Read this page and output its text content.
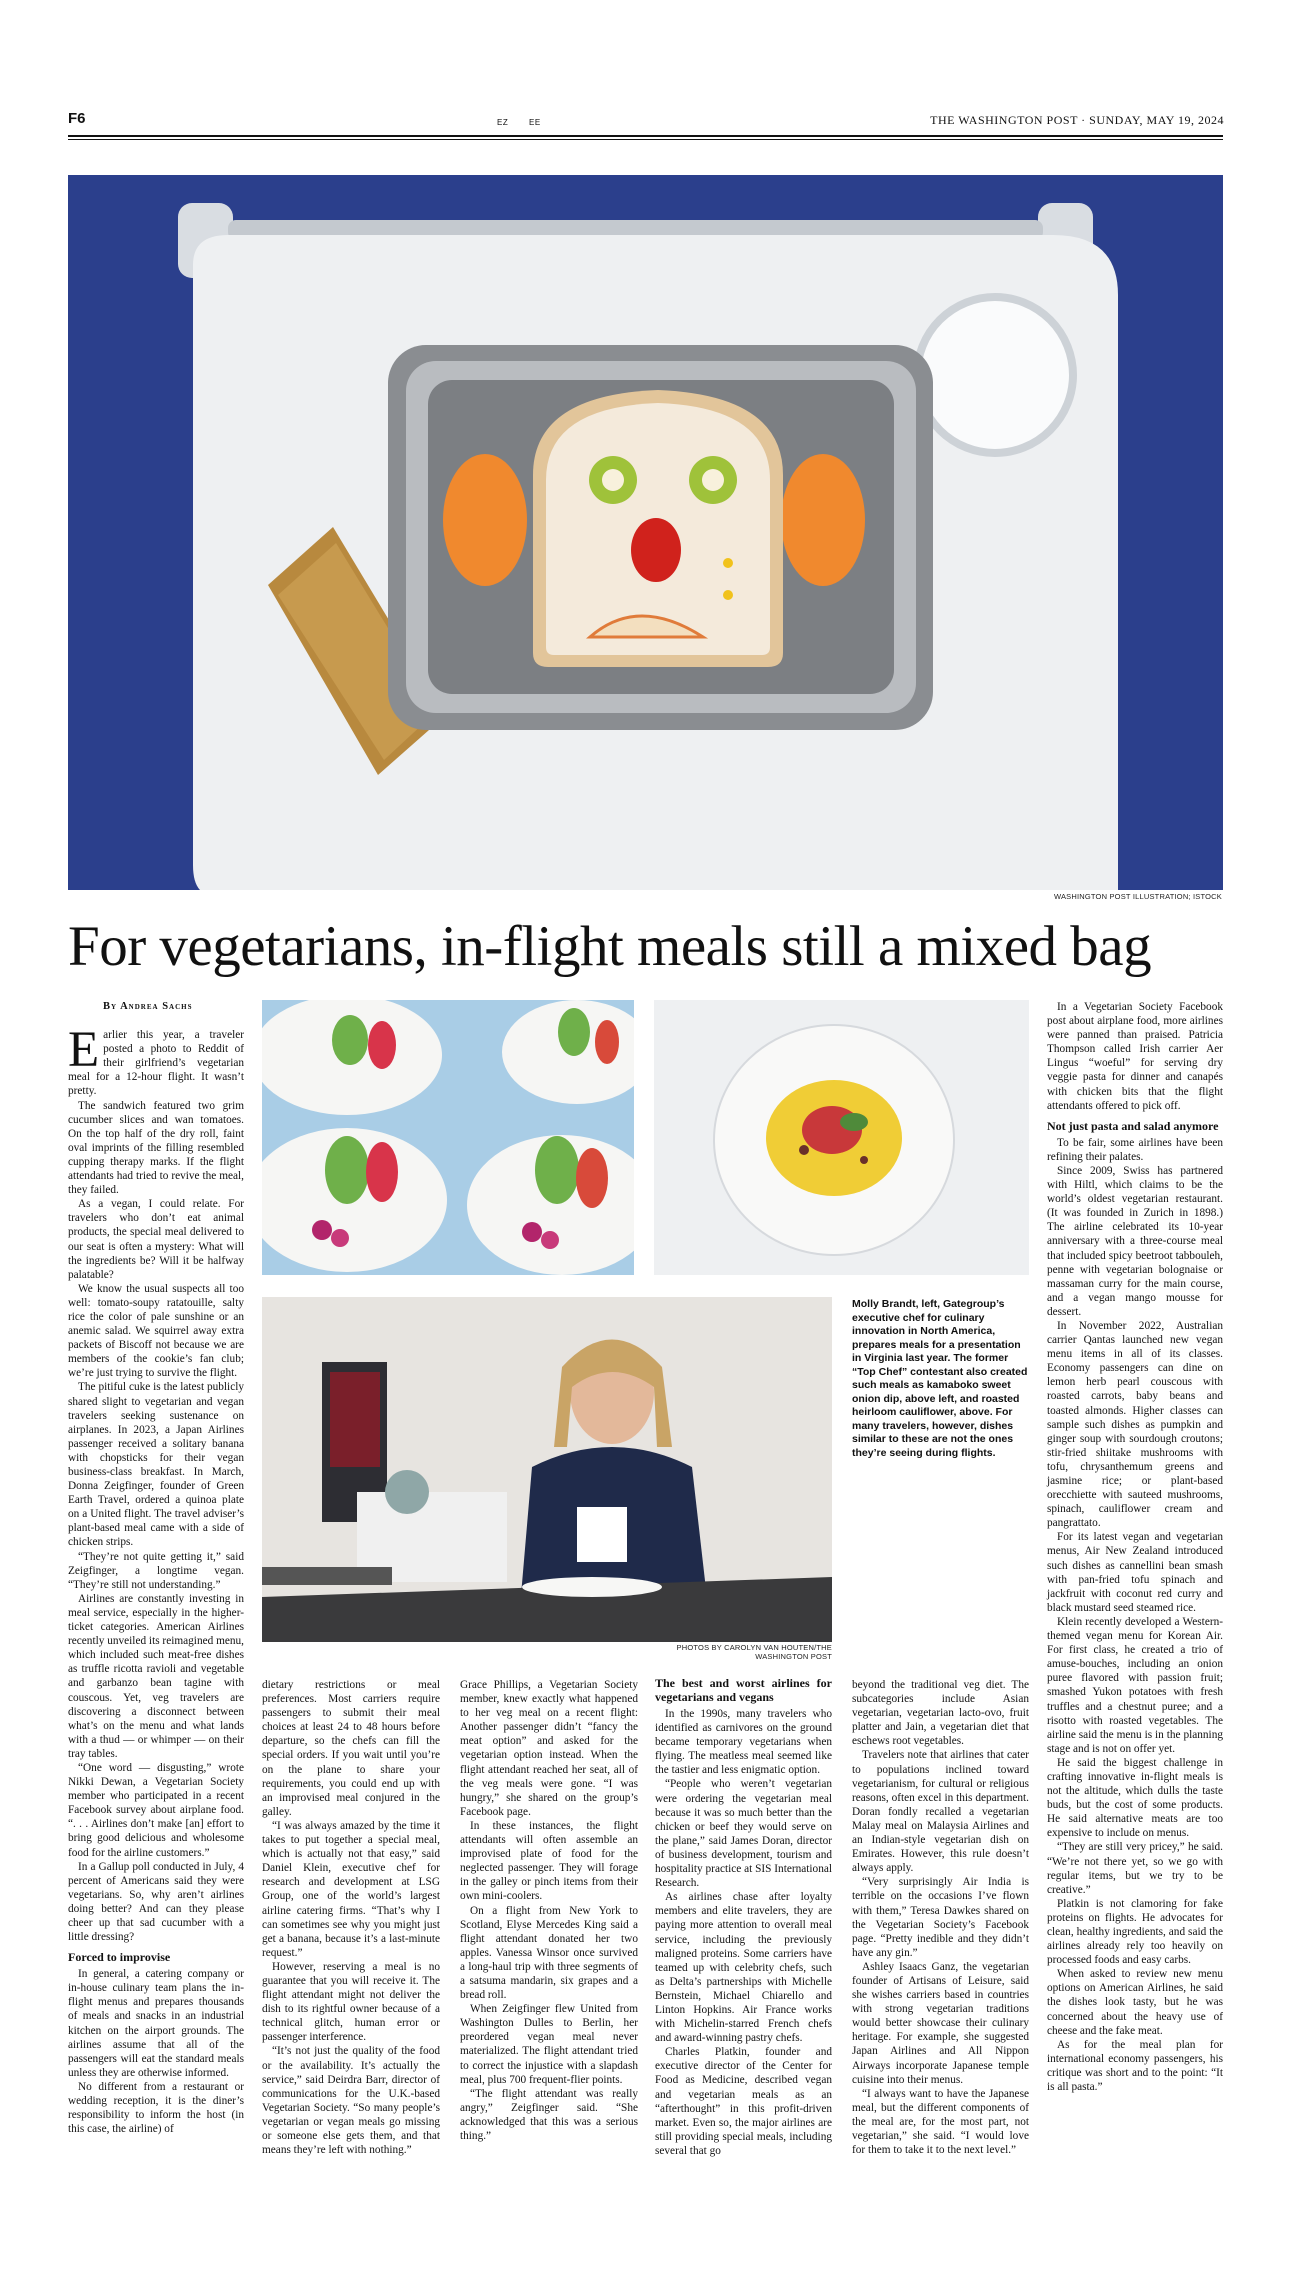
F6	EZ	EE	THE WASHINGTON POST · SUNDAY, MAY 19, 2024
WASHINGTON POST ILLUSTRATION; ISTOCK
For vegetarians, in-flight meals still a mixed bag
By Andrea Sachs

Earlier this year, a traveler posted a photo to Reddit of their girlfriend’s vegetarian meal for a 12-hour flight. It wasn’t pretty.

The sandwich featured two grim cucumber slices and wan tomatoes. On the top half of the dry roll, faint oval imprints of the filling resembled cupping therapy marks. If the flight attendants had tried to revive the meal, they failed.

As a vegan, I could relate. For travelers who don’t eat animal products, the special meal delivered to our seat is often a mystery: What will the ingredients be? Will it be halfway palatable?

We know the usual suspects all too well: tomato-soupy ratatouille, salty rice the color of pale sunshine or an anemic salad. We squirrel away extra packets of Biscoff not because we are members of the cookie’s fan club; we’re just trying to survive the flight.

The pitiful cuke is the latest publicly shared slight to vegetarian and vegan travelers seeking sustenance on airplanes. In 2023, a Japan Airlines passenger received a solitary banana with chopsticks for their vegan business-class breakfast. In March, Donna Zeigfinger, founder of Green Earth Travel, ordered a quinoa plate on a United flight. The travel adviser’s plant-based meal came with a side of chicken strips.

“They’re not quite getting it,” said Zeigfinger, a longtime vegan. “They’re still not understanding.”

Airlines are constantly investing in meal service, especially in the higher-ticket categories. American Airlines recently unveiled its reimagined menu, which included such meat-free dishes as truffle ricotta ravioli and vegetable and garbanzo bean tagine with couscous. Yet, veg travelers are discovering a disconnect between what’s on the menu and what lands with a thud — or whimper — on their tray tables.

“One word — disgusting,” wrote Nikki Dewan, a Vegetarian Society member who participated in a recent Facebook survey about airplane food. “. . . Airlines don’t make [an] effort to bring good delicious and wholesome food for the airline customers.”

In a Gallup poll conducted in July, 4 percent of Americans said they were vegetarians. So, why aren’t airlines doing better? And can they please cheer up that sad cucumber with a little dressing?

Forced to improvise

In general, a catering company or in-house culinary team plans the in-flight menus and prepares thousands of meals and snacks in an industrial kitchen on the airport grounds. The airlines assume that all of the passengers will eat the standard meals unless they are otherwise informed.

No different from a restaurant or wedding reception, it is the diner’s responsibility to inform the host (in this case, the airline) of

PHOTOS BY CAROLYN VAN HOUTEN/THE WASHINGTON POST
Molly Brandt, left, Gategroup’s executive chef for culinary innovation in North America, prepares meals for a presentation in Virginia last year. The former “Top Chef” contestant also created such meals as kamaboko sweet onion dip, above left, and roasted heirloom cauliflower, above. For many travelers, however, dishes similar to these are not the ones they’re seeing during flights.

dietary restrictions or meal preferences. Most carriers require passengers to submit their meal choices at least 24 to 48 hours before departure, so the chefs can fill the special orders. If you wait until you’re on the plane to share your requirements, you could end up with an improvised meal conjured in the galley.

“I was always amazed by the time it takes to put together a special meal, which is actually not that easy,” said Daniel Klein, executive chef for research and development at LSG Group, one of the world’s largest airline catering firms. “That’s why I can sometimes see why you might just get a banana, because it’s a last-minute request.”

However, reserving a meal is no guarantee that you will receive it. The flight attendant might not deliver the dish to its rightful owner because of a technical glitch, human error or passenger interference.

“It’s not just the quality of the food or the availability. It’s actually the service,” said Deirdra Barr, director of communications for the U.K.-based Vegetarian Society. “So many people’s vegetarian or vegan meals go missing or someone else gets them, and that means they’re left with nothing.”

Grace Phillips, a Vegetarian Society member, knew exactly what happened to her veg meal on a recent flight: Another passenger didn’t “fancy the meat option” and asked for the vegetarian option instead. When the flight attendant reached her seat, all of the veg meals were gone. “I was hungry,” she shared on the group’s Facebook page.

In these instances, the flight attendants will often assemble an improvised plate of food for the neglected passenger. They will forage in the galley or pinch items from their own mini-coolers.

On a flight from New York to Scotland, Elyse Mercedes King said a flight attendant donated her two apples. Vanessa Winsor once survived a long-haul trip with three segments of a satsuma mandarin, six grapes and a bread roll.

When Zeigfinger flew United from Washington Dulles to Berlin, her preordered vegan meal never materialized. The flight attendant tried to correct the injustice with a slapdash meal, plus 700 frequent-flier points.

“The flight attendant was really angry,” Zeigfinger said. “She acknowledged that this was a serious thing.”

The best and worst airlines for vegetarians and vegans

In the 1990s, many travelers who identified as carnivores on the ground became temporary vegetarians when flying. The meatless meal seemed like the tastier and less enigmatic option.

“People who weren’t vegetarian were ordering the vegetarian meal because it was so much better than the chicken or beef they would serve on the plane,” said James Doran, director of business development, tourism and hospitality practice at SIS International Research.

As airlines chase after loyalty members and elite travelers, they are paying more attention to overall meal service, including the previously maligned proteins. Some carriers have teamed up with celebrity chefs, such as Delta’s partnerships with Michelle Bernstein, Michael Chiarello and Linton Hopkins. Air France works with Michelin-starred French chefs and award-winning pastry chefs.

Charles Platkin, founder and executive director of the Center for Food as Medicine, described vegan and vegetarian meals as an “afterthought” in this profit-driven market. Even so, the major airlines are still providing special meals, including several that go

beyond the traditional veg diet. The subcategories include Asian vegetarian, vegetarian lacto-ovo, fruit platter and Jain, a vegetarian diet that eschews root vegetables.

Travelers note that airlines that cater to populations inclined toward vegetarianism, for cultural or religious reasons, often excel in this department. Doran fondly recalled a vegetarian Malay meal on Malaysia Airlines and an Indian-style vegetarian dish on Emirates. However, this rule doesn’t always apply.

“Very surprisingly Air India is terrible on the occasions I’ve flown with them,” Teresa Dawkes shared on the Vegetarian Society’s Facebook page. “Pretty inedible and they didn’t have any gin.”

Ashley Isaacs Ganz, the vegetarian founder of Artisans of Leisure, said she wishes carriers based in countries with strong vegetarian traditions would better showcase their culinary heritage. For example, she suggested Japan Airlines and All Nippon Airways incorporate Japanese temple cuisine into their menus.

“I always want to have the Japanese meal, but the different components of the meal are, for the most part, not vegetarian,” she said. “I would love for them to take it to the next level.”

In a Vegetarian Society Facebook post about airplane food, more airlines were panned than praised. Patricia Thompson called Irish carrier Aer Lingus “woeful” for serving dry veggie pasta for dinner and canapés with chicken bits that the flight attendants offered to pick off.

Not just pasta and salad anymore

To be fair, some airlines have been refining their palates.

Since 2009, Swiss has partnered with Hiltl, which claims to be the world’s oldest vegetarian restaurant. (It was founded in Zurich in 1898.) The airline celebrated its 10-year anniversary with a three-course meal that included spicy beetroot tabbouleh, penne with vegetarian bolognaise or massaman curry for the main course, and a vegan mango mousse for dessert.

In November 2022, Australian carrier Qantas launched new vegan menu items in all of its classes. Economy passengers can dine on lemon herb pearl couscous with roasted carrots, baby beans and toasted almonds. Higher classes can sample such dishes as pumpkin and ginger soup with sourdough croutons; stir-fried shiitake mushrooms with tofu, chrysanthemum greens and jasmine rice; or plant-based orecchiette with sauteed mushrooms, spinach, cauliflower cream and pangrattato.

For its latest vegan and vegetarian menus, Air New Zealand introduced such dishes as cannellini bean smash with pan-fried tofu spinach and jackfruit with coconut red curry and black mustard seed steamed rice.

Klein recently developed a Western-themed vegan menu for Korean Air. For first class, he created a trio of amuse-bouches, including an onion puree flavored with passion fruit; smashed Yukon potatoes with fresh truffles and a chestnut puree; and a risotto with roasted vegetables. The airline said the menu is in the planning stage and is not on offer yet.

He said the biggest challenge in crafting innovative in-flight meals is not the altitude, which dulls the taste buds, but the cost of some products. He said alternative meats are too expensive to include on menus.

“They are still very pricey,” he said. “We’re not there yet, so we go with regular items, but we try to be creative.”

Platkin is not clamoring for fake proteins on flights. He advocates for clean, healthy ingredients, and said the airlines already rely too heavily on processed foods and easy carbs.

When asked to review new menu options on American Airlines, he said the dishes look tasty, but he was concerned about the heavy use of cheese and the fake meat.

As for the meal plan for international economy passengers, his critique was short and to the point: “It is all pasta.”
